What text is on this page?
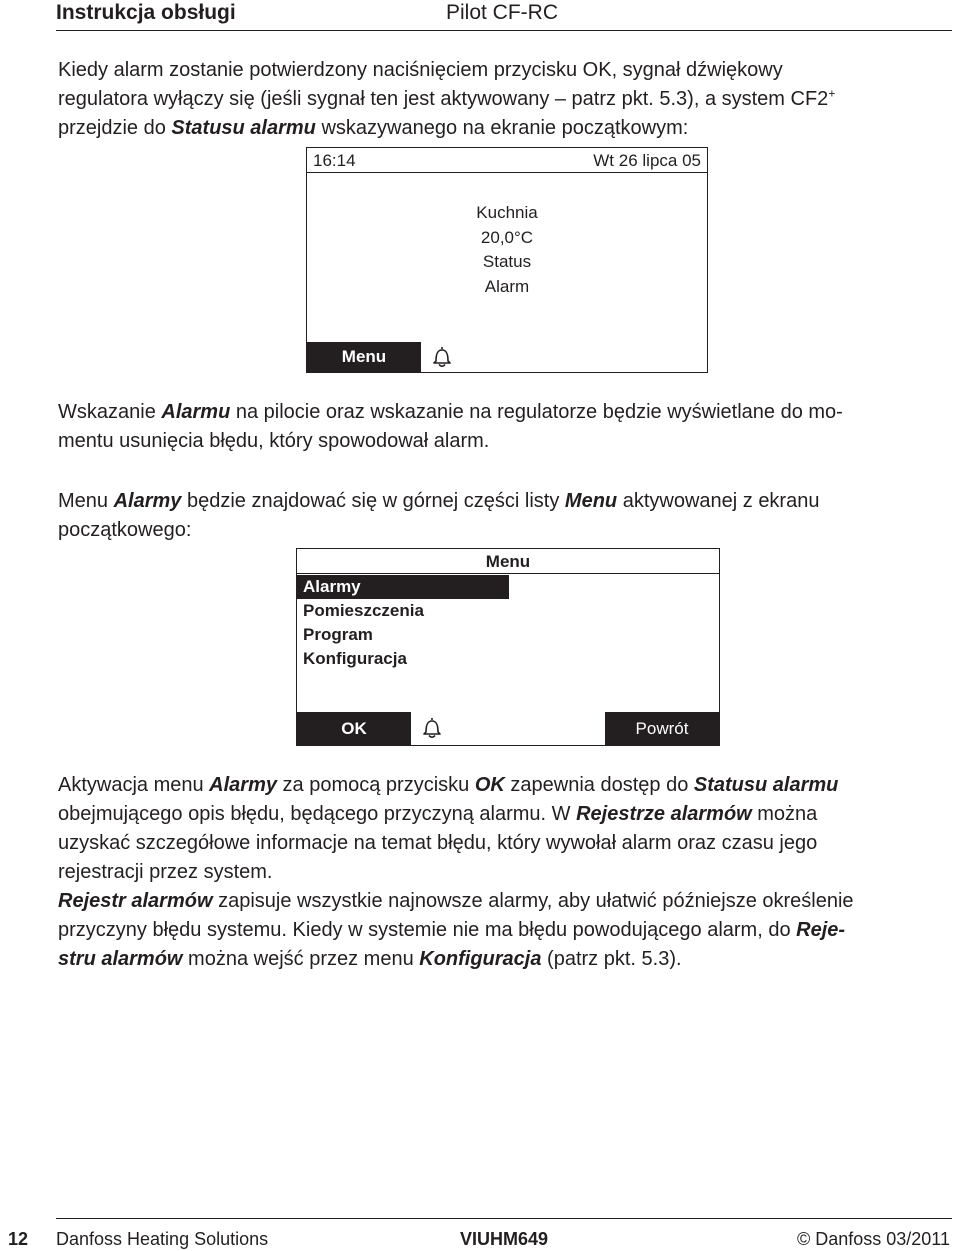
Instrukcja obsługi	Pilot CF-RC

Kiedy alarm zostanie potwierdzony naciśnięciem przycisku OK, sygnał dźwiękowy
regulatora wyłączy się (jeśli sygnał ten jest aktywowany – patrz pkt. 5.3), a system CF2+
przejdzie do Statusu alarmu wskazywanego na ekranie początkowym:

16:14	Wt 26 lipca 05
Kuchnia
20,0°C
Status
Alarm
Menu

Wskazanie Alarmu na pilocie oraz wskazanie na regulatorze będzie wyświetlane do mo-
mentu usunięcia błędu, który spowodował alarm.

Menu Alarmy będzie znajdować się w górnej części listy Menu aktywowanej z ekranu
początkowego:

Menu
Alarmy
Pomieszczenia
Program
Konfiguracja
OK	Powrót

Aktywacja menu Alarmy za pomocą przycisku OK zapewnia dostęp do Statusu alarmu
obejmującego opis błędu, będącego przyczyną alarmu. W Rejestrze alarmów można
uzyskać szczegółowe informacje na temat błędu, który wywołał alarm oraz czasu jego
rejestracji przez system.

Rejestr alarmów zapisuje wszystkie najnowsze alarmy, aby ułatwić późniejsze określenie
przyczyny błędu systemu. Kiedy w systemie nie ma błędu powodującego alarm, do Reje-
stru alarmów można wejść przez menu Konfiguracja (patrz pkt. 5.3).

12 Danfoss Heating Solutions	VIUHM649	© Danfoss 03/2011
